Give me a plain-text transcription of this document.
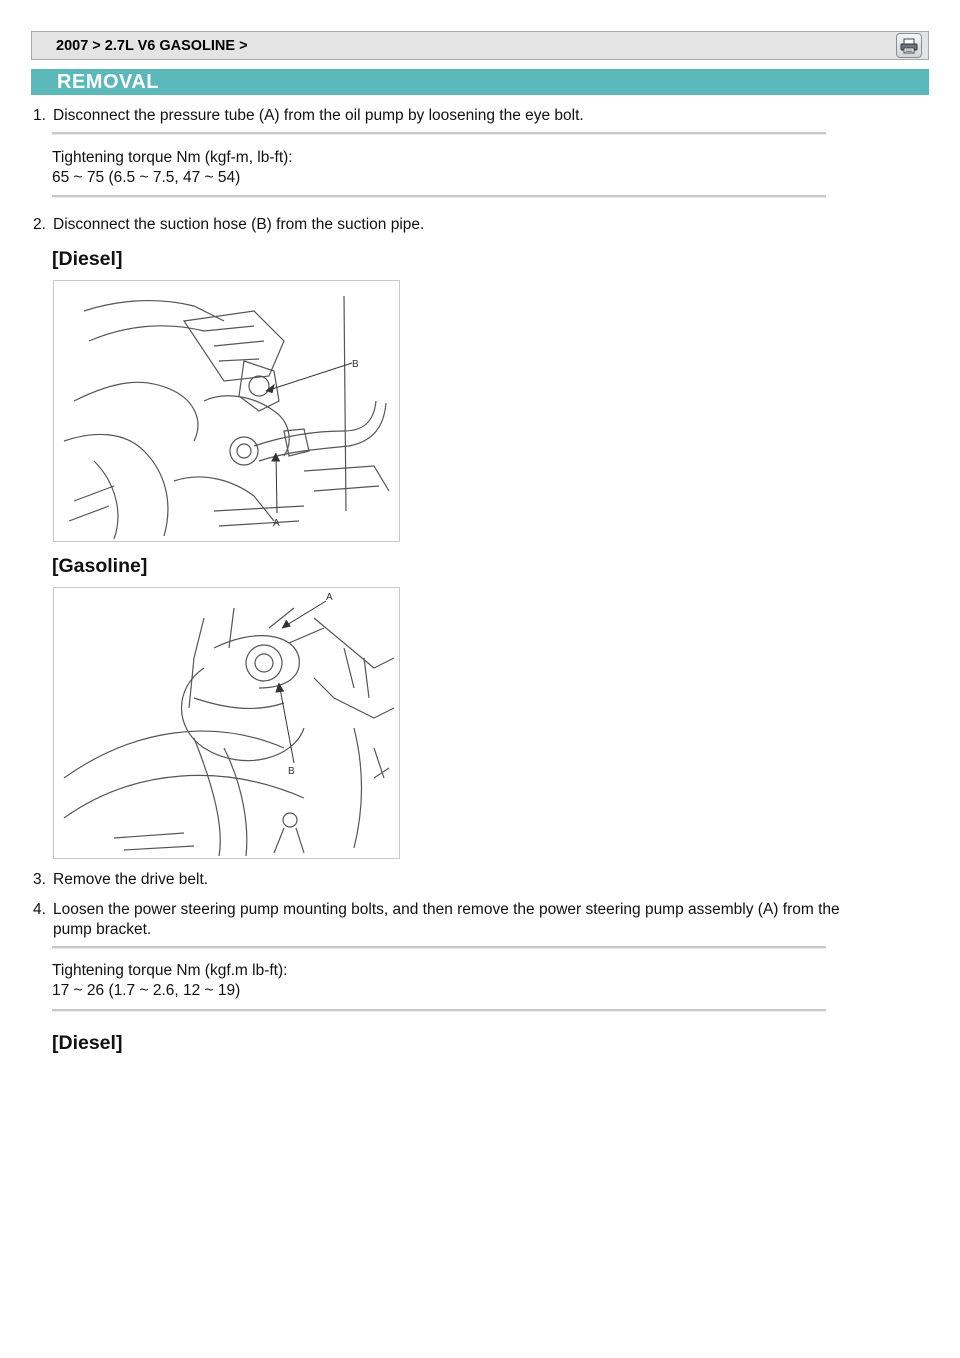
2007 > 2.7L V6 GASOLINE >
REMOVAL
1. Disconnect the pressure tube (A) from the oil pump by loosening the eye bolt.
Tightening torque Nm (kgf-m, lb-ft):
65 ~ 75 (6.5 ~ 7.5, 47 ~ 54)
2. Disconnect the suction hose (B) from the suction pipe.
[Diesel]
B
A
[Gasoline]
A
B
3. Remove the drive belt.
4. Loosen the power steering pump mounting bolts, and then remove the power steering pump assembly (A) from the
pump bracket.
Tightening torque Nm (kgf.m lb-ft):
17 ~ 26 (1.7 ~ 2.6, 12 ~ 19)
[Diesel]
